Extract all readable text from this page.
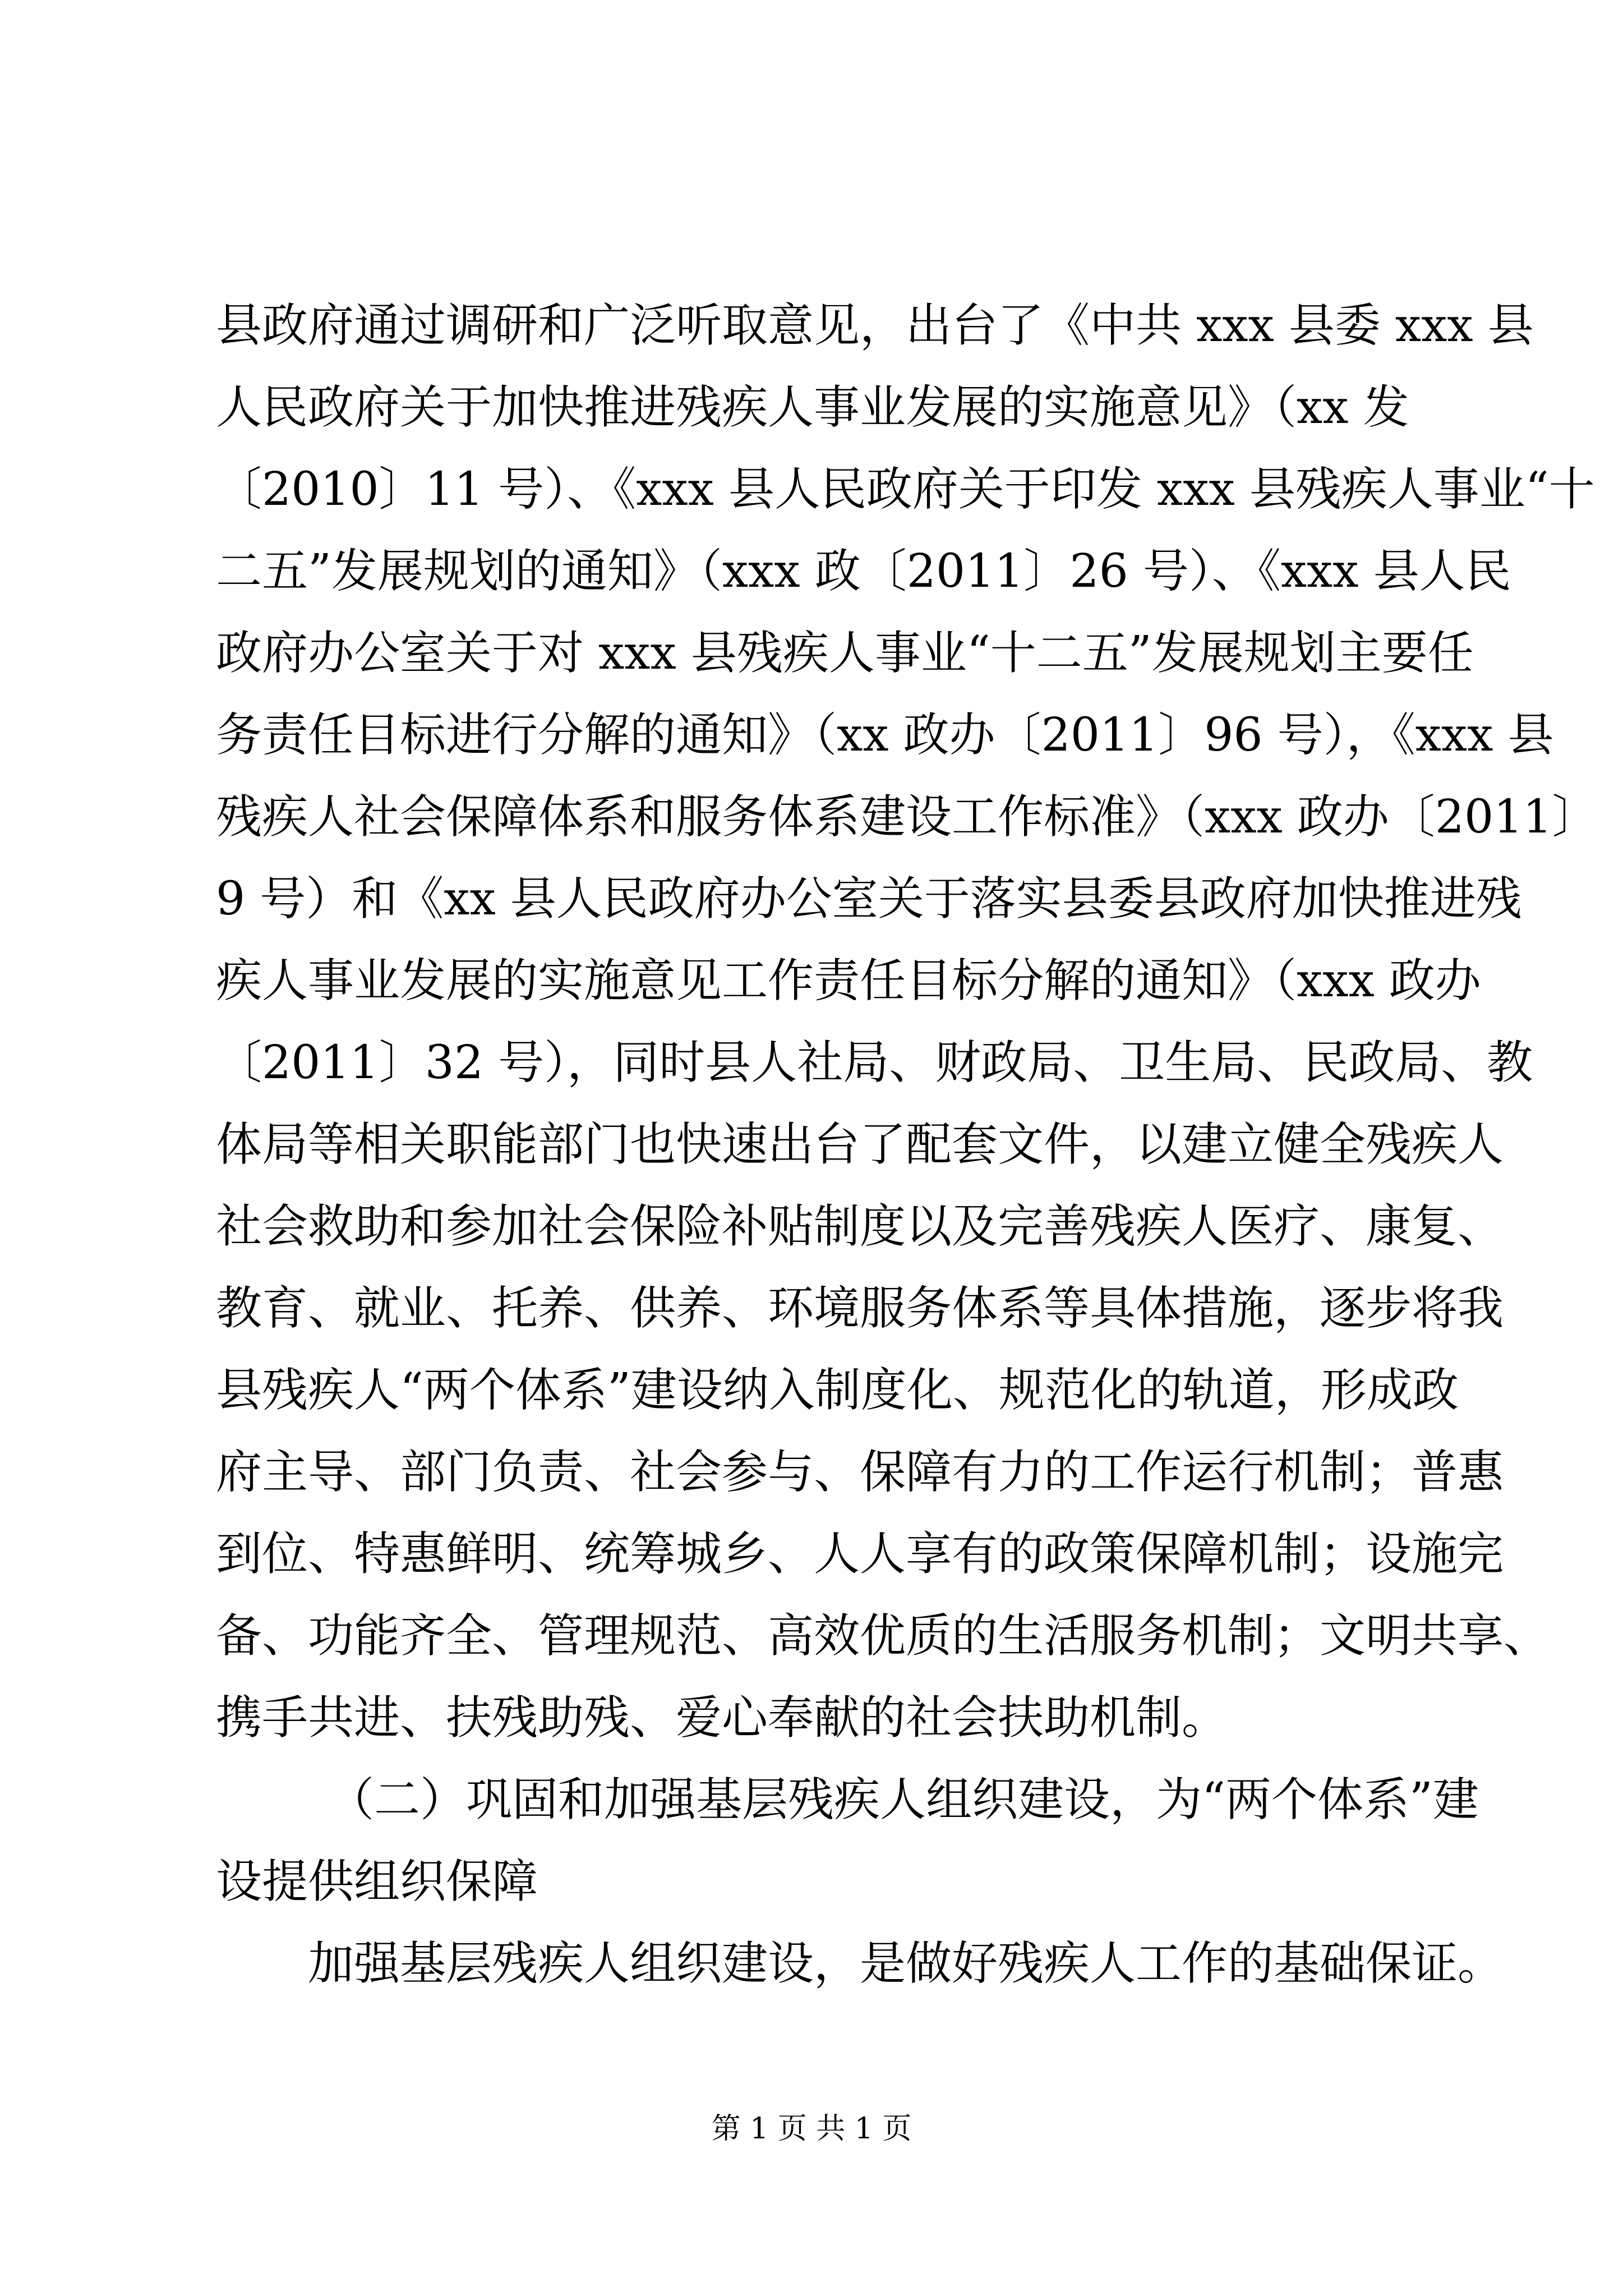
县政府通过调研和广泛听取意见，出台了《中共 xxx 县委 xxx 县
人民政府关于加快推进残疾人事业发展的实施意见》（xx 发
〔2010〕11 号）、《xxx 县人民政府关于印发 xxx 县残疾人事业“十
二五”发展规划的通知》（xxx 政〔2011〕26 号）、《xxx 县人民
政府办公室关于对 xxx 县残疾人事业“十二五”发展规划主要任
务责任目标进行分解的通知》（xx 政办〔2011〕96 号），《xxx 县
残疾人社会保障体系和服务体系建设工作标准》（xxx 政办〔2011〕
9 号）和《xx 县人民政府办公室关于落实县委县政府加快推进残
疾人事业发展的实施意见工作责任目标分解的通知》（xxx 政办
〔2011〕32 号），同时县人社局、财政局、卫生局、民政局、教
体局等相关职能部门也快速出台了配套文件，以建立健全残疾人
社会救助和参加社会保险补贴制度以及完善残疾人医疗、康复、
教育、就业、托养、供养、环境服务体系等具体措施，逐步将我
县残疾人“两个体系”建设纳入制度化、规范化的轨道，形成政
府主导、部门负责、社会参与、保障有力的工作运行机制；普惠
到位、特惠鲜明、统筹城乡、人人享有的政策保障机制；设施完
备、功能齐全、管理规范、高效优质的生活服务机制；文明共享、
携手共进、扶残助残、爱心奉献的社会扶助机制。
（二）巩固和加强基层残疾人组织建设，为“两个体系”建
设提供组织保障
加强基层残疾人组织建设，是做好残疾人工作的基础保证。
第 1 页 共 1 页
